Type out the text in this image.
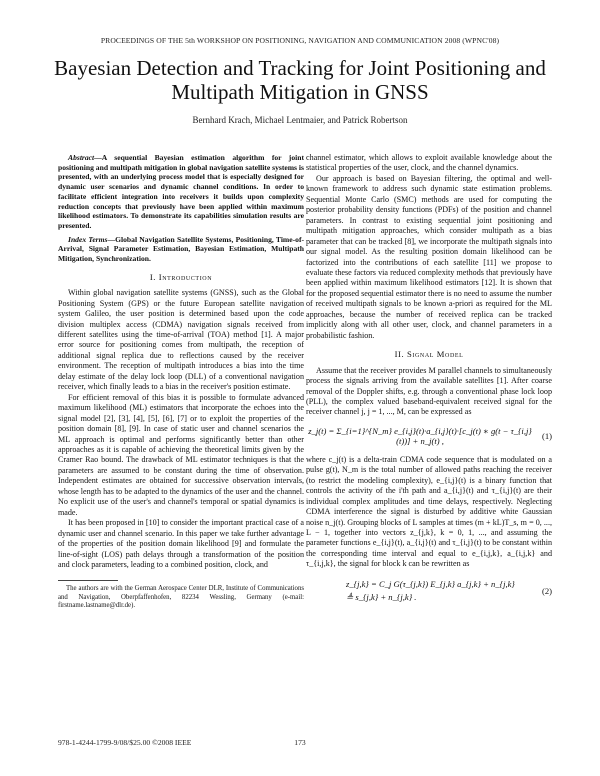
PROCEEDINGS OF THE 5th WORKSHOP ON POSITIONING, NAVIGATION AND COMMUNICATION 2008 (WPNC'08)
Bayesian Detection and Tracking for Joint Positioning and Multipath Mitigation in GNSS
Bernhard Krach, Michael Lentmaier, and Patrick Robertson

Abstract—A sequential Bayesian estimation algorithm for joint positioning and multipath mitigation in global navigation satellite systems is presented, with an underlying process model that is especially designed for dynamic user scenarios and dynamic channel conditions. In order to facilitate efficient integration into receivers it builds upon complexity reduction concepts that previously have been applied within maximum likelihood estimators. To demonstrate its capabilities simulation results are presented.

Index Terms—Global Navigation Satellite Systems, Positioning, Time-of-Arrival, Signal Parameter Estimation, Bayesian Estimation, Multipath Mitigation, Synchronization.

I. Introduction

Within global navigation satellite systems (GNSS), such as the Global Positioning System (GPS) or the future European satellite navigation system Galileo, the user position is determined based upon the code division multiplex access (CDMA) navigation signals received from different satellites using the time-of-arrival (TOA) method [1]. A major error source for positioning comes from multipath, the reception of additional signal replica due to reflections caused by the receiver environment. The reception of multipath introduces a bias into the time delay estimate of the delay lock loop (DLL) of a conventional navigation receiver, which finally leads to a bias in the receiver's position estimate.

For efficient removal of this bias it is possible to formulate advanced maximum likelihood (ML) estimators that incorporate the echoes into the signal model [2], [3], [4], [5], [6], [7] or to exploit the properties of the position domain [8], [9]. In case of static user and channel scenarios the ML approach is optimal and performs significantly better than other approaches as it is capable of achieving the theoretical limits given by the Cramer Rao bound. The drawback of ML estimator techniques is that the parameters are assumed to be constant during the time of observation. Independent estimates are obtained for successive observation intervals, whose length has to be adapted to the dynamics of the user and the channel. No explicit use of the user's and channel's temporal or spatial dynamics is made.

It has been proposed in [10] to consider the important practical case of a dynamic user and channel scenario. In this paper we take further advantage of the properties of the position domain likelihood [9] and formulate the line-of-sight (LOS) path delays through a transformation of the position and clock parameters, leading to a combined position, clock, and

The authors are with the German Aerospace Center DLR, Institute of Communications and Navigation, Oberpfaffenhofen, 82234 Wessling, Germany (e-mail: firstname.lastname@dlr.de).

channel estimator, which allows to exploit available knowledge about the statistical properties of the user, clock, and the channel dynamics.

Our approach is based on Bayesian filtering, the optimal and well-known framework to address such dynamic state estimation problems. Sequential Monte Carlo (SMC) methods are used for computing the posterior probability density functions (PDFs) of the position and channel parameters. In contrast to existing sequential joint positioning and multipath mitigation approaches, which consider multipath as a bias parameter that can be tracked [8], we incorporate the multipath signals into our signal model. As the resulting position domain likelihood can be factorized into the contributions of each satellite [11] we propose to evaluate these factors via reduced complexity methods that previously have been applied within maximum likelihood estimators [12]. It is shown that for the proposed sequential estimator there is no need to assume the number of received multipath signals to be known a-priori as required for the ML approaches, because the number of received replica can be tracked implicitly along with all other user, clock, and channel parameters in a probabilistic fashion.

II. Signal Model

Assume that the receiver provides M parallel channels to simultaneously process the signals arriving from the available satellites [1]. After coarse removal of the Doppler shifts, e.g. through a conventional phase lock loop (PLL), the complex valued baseband-equivalent received signal for the receiver channel j, j = 1, ..., M, can be expressed as

z_j(t) = Σ_{i=1}^{N_m} e_{i,j}(t)·a_{i,j}(t)·[c_j(t) ∗ g(t − τ_{i,j}(t))] + n_j(t) ,
(1)

where c_j(t) is a delta-train CDMA code sequence that is modulated on a pulse g(t), N_m is the total number of allowed paths reaching the receiver (to restrict the modeling complexity), e_{i,j}(t) is a binary function that controls the activity of the i'th path and a_{i,j}(t) and τ_{i,j}(t) are their individual complex amplitudes and time delays, respectively. Neglecting CDMA interference the signal is disturbed by additive white Gaussian noise n_j(t). Grouping blocks of L samples at times (m + kL)T_s, m = 0, ..., L − 1, together into vectors z_{j,k}, k = 0, 1, ..., and assuming the parameter functions e_{i,j}(t), a_{i,j}(t) and τ_{i,j}(t) to be constant within the corresponding time interval and equal to e_{i,j,k}, a_{i,j,k} and τ_{i,j,k}, the signal for block k can be rewritten as

z_{j,k} = C_j G(τ_{j,k}) E_{j,k} a_{j,k} + n_{j,k}
≜ s_{j,k} + n_{j,k} .
(2)
978-1-4244-1799-9/08/$25.00 ©2008 IEEE	173
